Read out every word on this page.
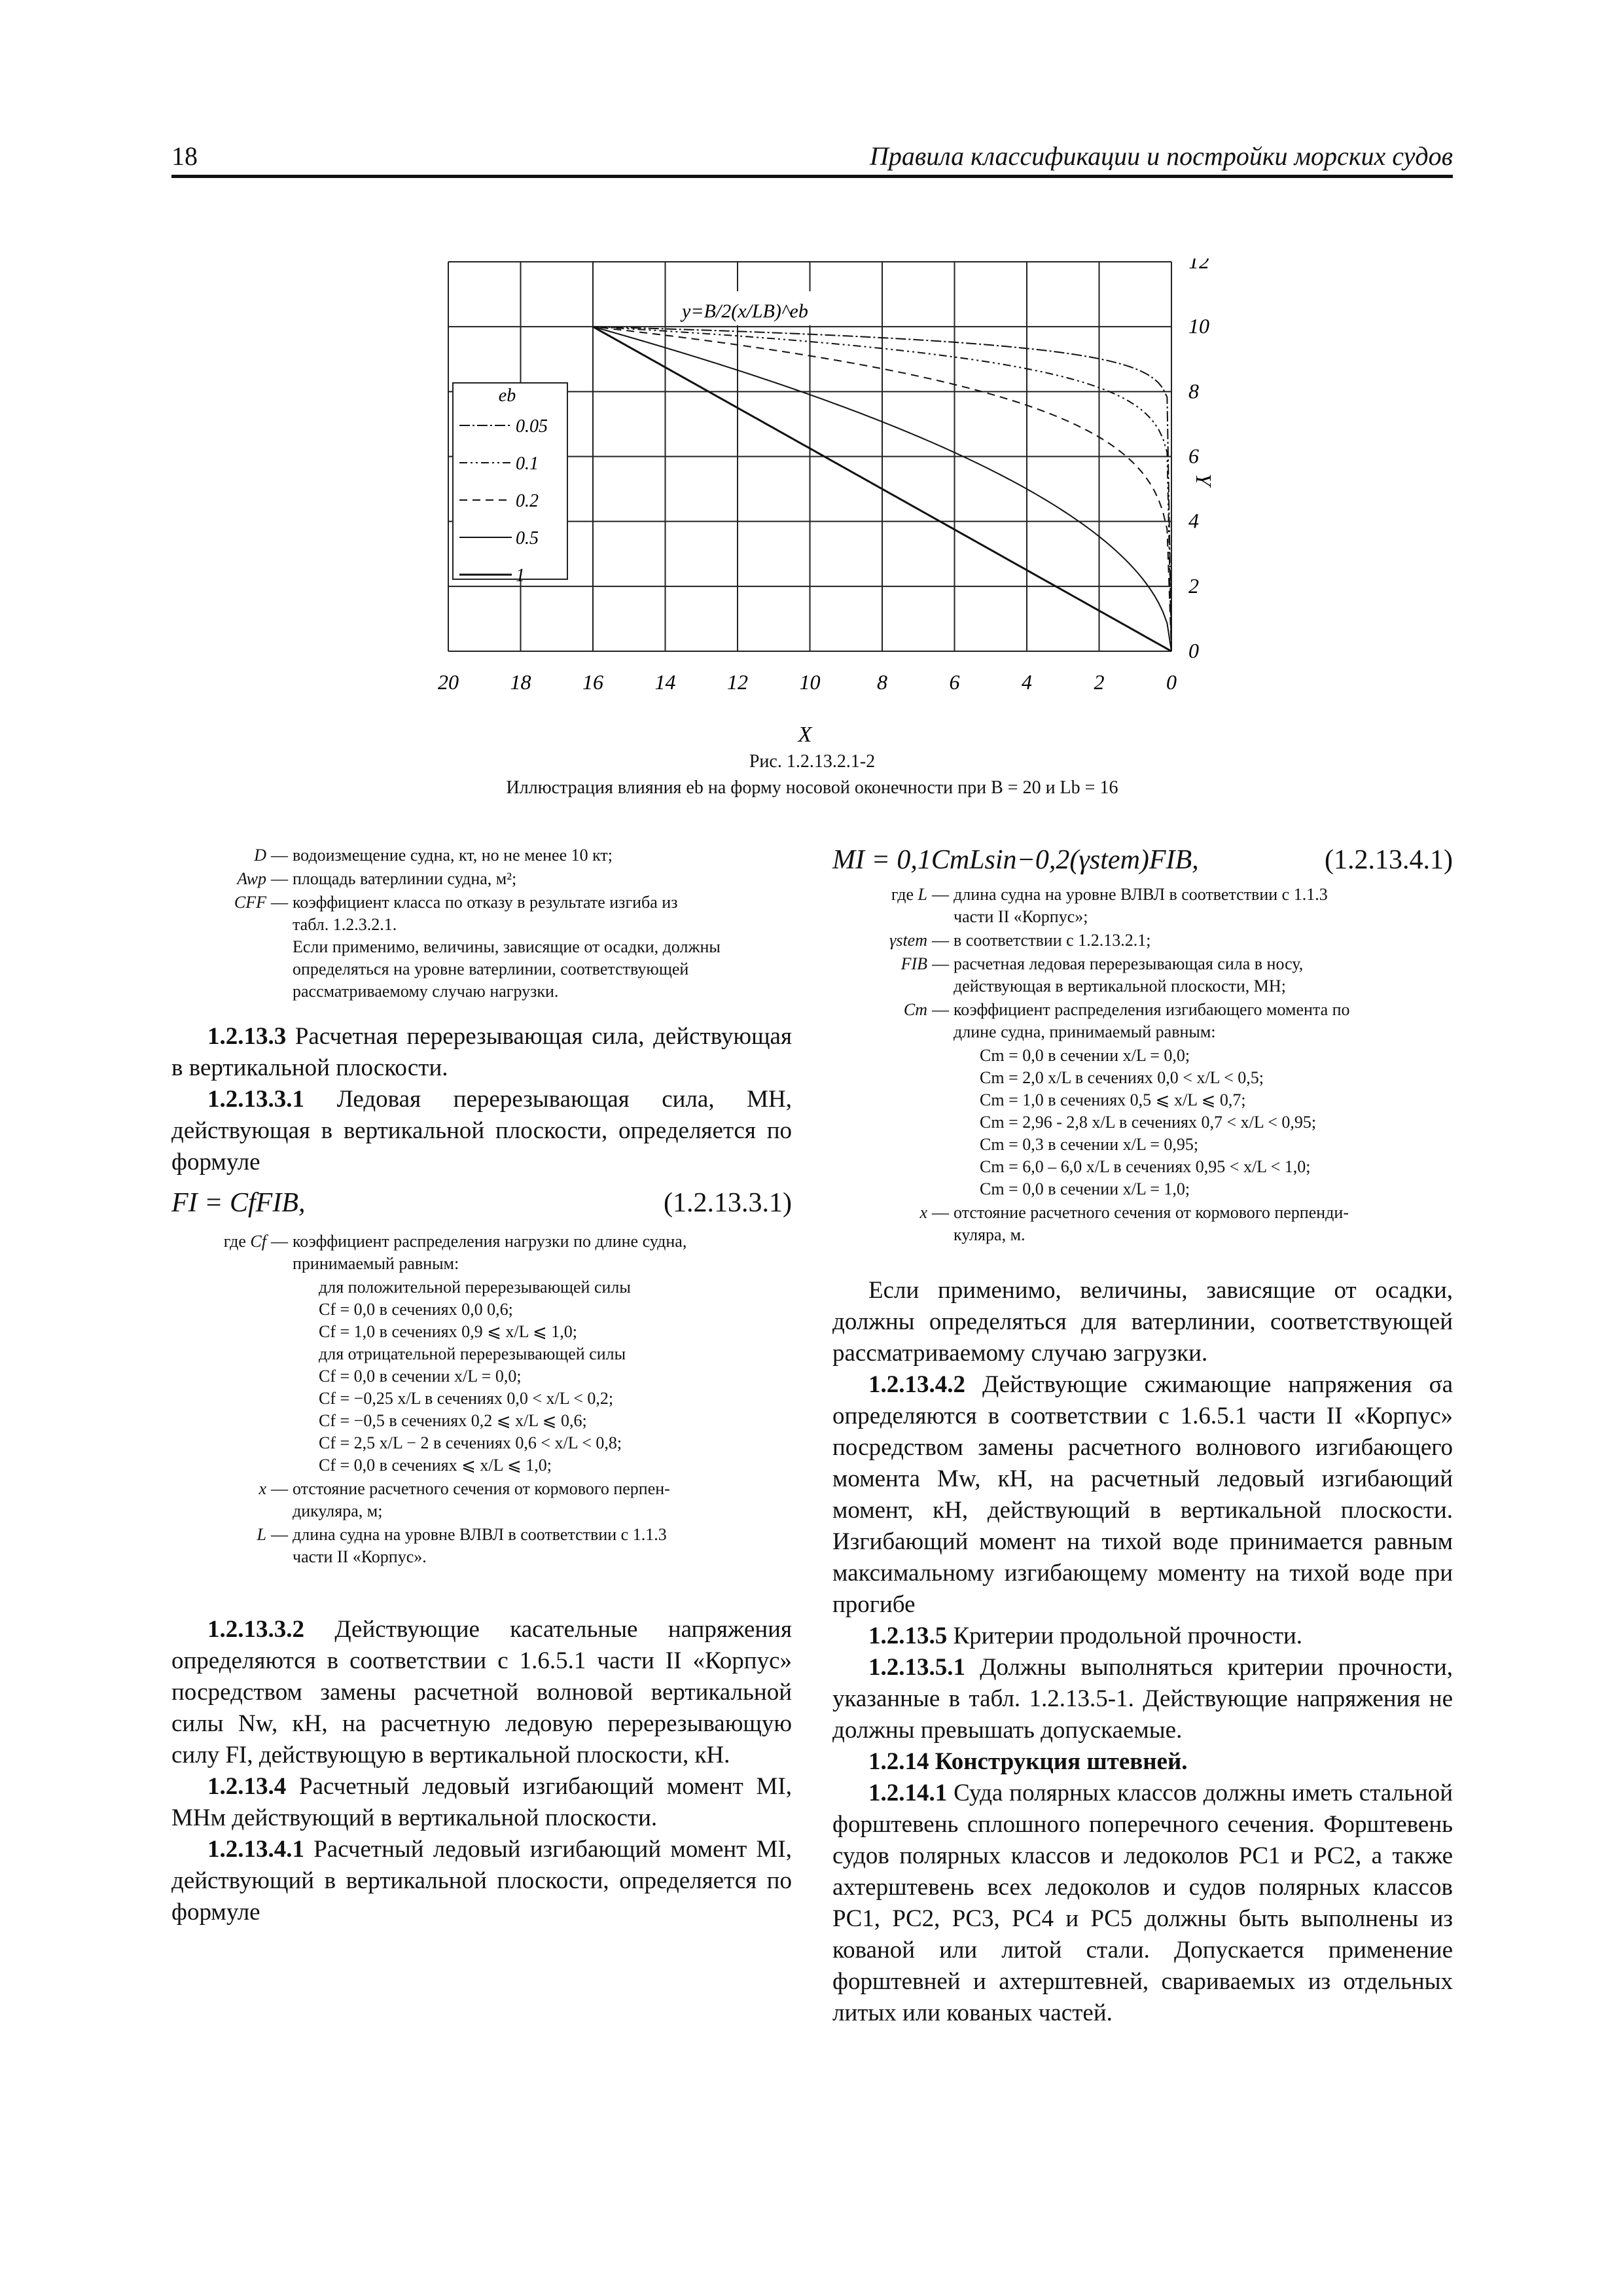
18	Правила классификации и постройки морских судов
20 18 16 14 12 10	8	6	4	2	0
12
10
8
6
4
2
0
X
Y
y=B/2(x/LB)^eb
eb
0.05
0.1
0.2
0.5
1
Рис. 1.2.13.2.1-2
Иллюстрация влияния eb на форму носовой оконечности при B = 20 и Lb = 16
D — водоизмещение судна, кт, но не менее 10 кт;
Awp — площадь ватерлинии судна, м²;
CFF — коэффициент класса по отказу в результате изгиба из
табл. 1.2.3.2.1.
Если применимо, величины, зависящие от осадки, должны
определяться на уровне ватерлинии, соответствующей
рассматриваемому случаю нагрузки.

1.2.13.3 Расчетная перерезывающая сила, действующая в вертикальной плоскости.

1.2.13.3.1 Ледовая перерезывающая сила, МН, действующая в вертикальной плоскости, определяется по формуле

FI = CfFIB,	(1.2.13.3.1)
где Cf — коэффициент распределения нагрузки по длине судна,
принимаемый равным:
для положительной перерезывающей силы
Cf = 0,0 в сечениях 0,0 0,6;
Cf = 1,0 в сечениях 0,9 ⩽ x/L ⩽ 1,0;
для отрицательной перерезывающей силы
Cf = 0,0 в сечении x/L = 0,0;
Cf = −0,25 x/L в сечениях 0,0 < x/L < 0,2;
Cf = −0,5 в сечениях 0,2 ⩽ x/L ⩽ 0,6;
Cf = 2,5 x/L − 2 в сечениях 0,6 < x/L < 0,8;
Cf = 0,0 в сечениях ⩽ x/L ⩽ 1,0;
x — отстояние расчетного сечения от кормового перпен-
дикуляра, м;
L — длина судна на уровне ВЛВЛ в соответствии с 1.1.3
части II «Корпус».

1.2.13.3.2 Действующие касательные напряжения определяются в соответствии с 1.6.5.1 части II «Корпус» посредством замены расчетной волновой вертикальной силы Nw, кН, на расчетную ледовую перерезывающую силу FI, действующую в вертикальной плоскости, кН.

1.2.13.4 Расчетный ледовый изгибающий момент MI, МНм действующий в вертикальной плоскости.

1.2.13.4.1 Расчетный ледовый изгибающий момент MI, действующий в вертикальной плоскости, определяется по формуле

MI = 0,1CmLsin−0,2(γstem)FIB,	(1.2.13.4.1)
где L — длина судна на уровне ВЛВЛ в соответствии с 1.1.3
части II «Корпус»;
γstem — в соответствии с 1.2.13.2.1;
FIB — расчетная ледовая перерезывающая сила в носу,
действующая в вертикальной плоскости, МН;
Cm — коэффициент распределения изгибающего момента по
длине судна, принимаемый равным:
Cm = 0,0 в сечении x/L = 0,0;
Cm = 2,0 x/L в сечениях 0,0 < x/L < 0,5;
Cm = 1,0 в сечениях 0,5 ⩽ x/L ⩽ 0,7;
Cm = 2,96 - 2,8 x/L в сечениях 0,7 < x/L < 0,95;
Cm = 0,3 в сечении x/L = 0,95;
Cm = 6,0 – 6,0 x/L в сечениях 0,95 < x/L < 1,0;
Cm = 0,0 в сечении x/L = 1,0;
x — отстояние расчетного сечения от кормового перпенди-
куляра, м.

Если применимо, величины, зависящие от осадки, должны определяться для ватерлинии, соответствующей рассматриваемому случаю загрузки.

1.2.13.4.2 Действующие сжимающие напряжения σa определяются в соответствии с 1.6.5.1 части II «Корпус» посредством замены расчетного волнового изгибающего момента Mw, кН, на расчетный ледовый изгибающий момент, кН, действующий в вертикальной плоскости. Изгибающий момент на тихой воде принимается равным максимальному изгибающему моменту на тихой воде при прогибе

1.2.13.5 Критерии продольной прочности.

1.2.13.5.1 Должны выполняться критерии прочности, указанные в табл. 1.2.13.5-1. Действующие напряжения не должны превышать допускаемые.

1.2.14 Конструкция штевней.

1.2.14.1 Суда полярных классов должны иметь стальной форштевень сплошного поперечного сечения. Форштевень судов полярных классов и ледоколов PC1 и PC2, а также ахтерштевень всех ледоколов и судов полярных классов PC1, PC2, PC3, PC4 и PC5 должны быть выполнены из кованой или литой стали. Допускается применение форштевней и ахтерштевней, свариваемых из отдельных литых или кованых частей.
